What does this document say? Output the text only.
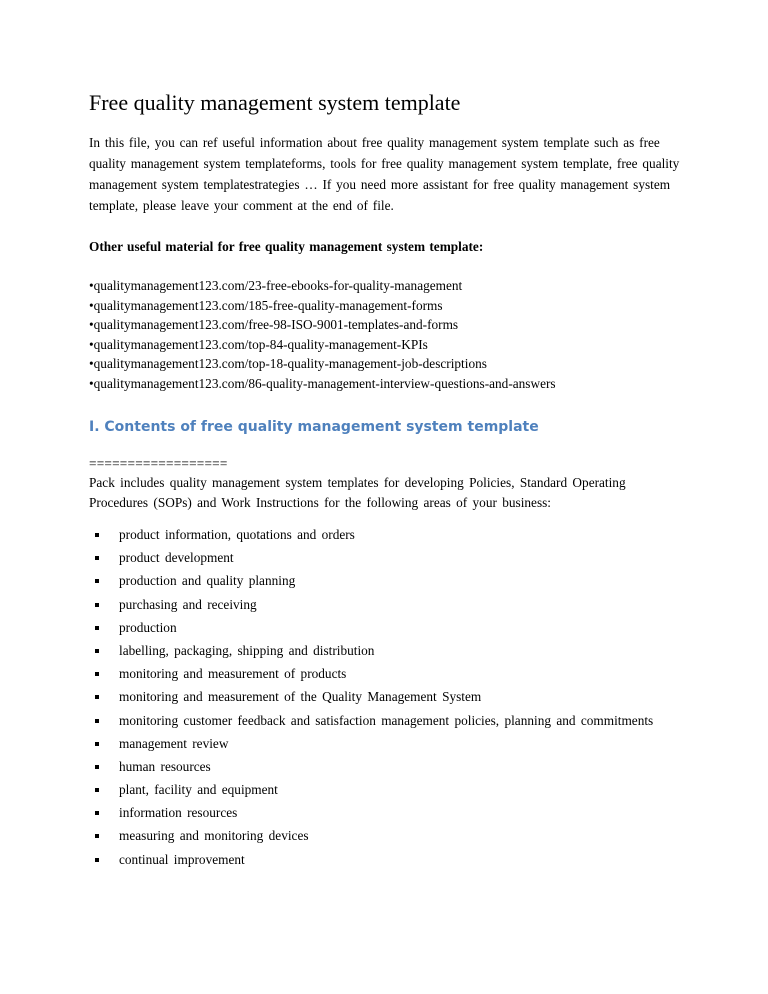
Free quality management system template

In this file, you can ref useful information about free quality management system template such as free quality management system templateforms, tools for free quality management system template, free quality management system templatestrategies … If you need more assistant for free quality management system template, please leave your comment at the end of file.

Other useful material for free quality management system template:

• qualitymanagement123.com/23-free-ebooks-for-quality-management
• qualitymanagement123.com/185-free-quality-management-forms
• qualitymanagement123.com/free-98-ISO-9001-templates-and-forms
• qualitymanagement123.com/top-84-quality-management-KPIs
• qualitymanagement123.com/top-18-quality-management-job-descriptions
• qualitymanagement123.com/86-quality-management-interview-questions-and-answers
I. Contents of free quality management system template
==================

Pack includes quality management system templates for developing Policies, Standard Operating Procedures (SOPs) and Work Instructions for the following areas of your business:

product information, quotations and orders
product development
production and quality planning
purchasing and receiving
production
labelling, packaging, shipping and distribution
monitoring and measurement of products
monitoring and measurement of the Quality Management System
monitoring customer feedback and satisfaction management policies, planning and commitments
management review
human resources
plant, facility and equipment
information resources
measuring and monitoring devices
continual improvement
